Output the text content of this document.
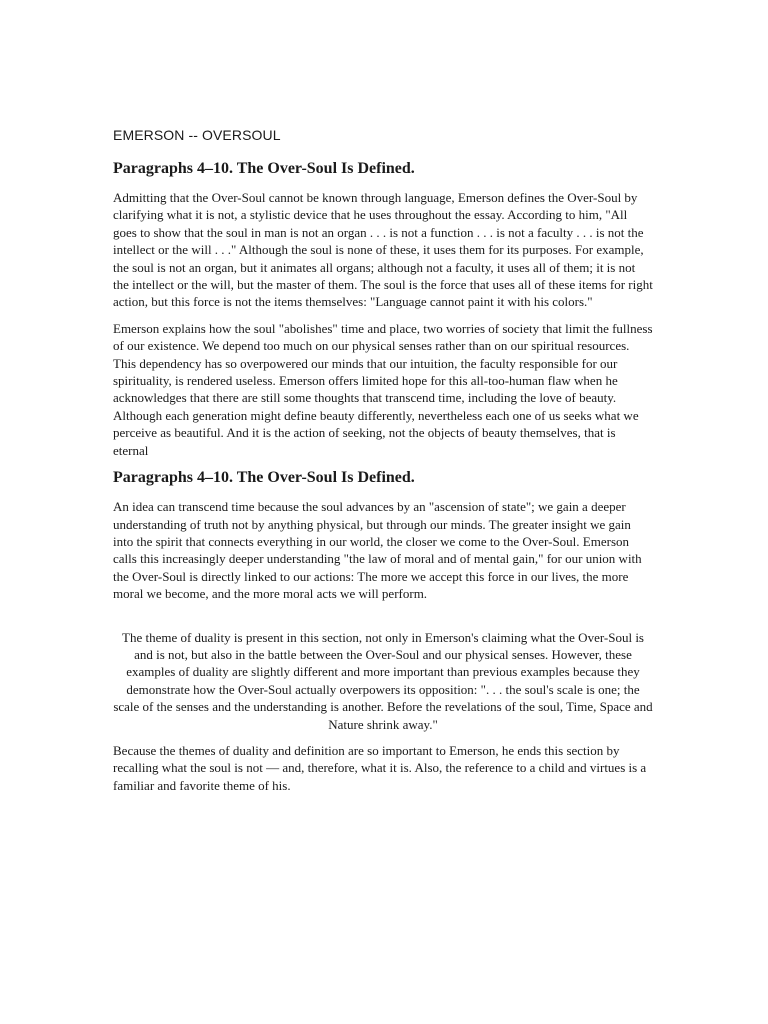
EMERSON -- OVERSOUL
Paragraphs 4–10. The Over-Soul Is Defined.

Admitting that the Over-Soul cannot be known through language, Emerson defines the Over-Soul by clarifying what it is not, a stylistic device that he uses throughout the essay. According to him, "All goes to show that the soul in man is not an organ . . . is not a function . . . is not a faculty . . . is not the intellect or the will . . ." Although the soul is none of these, it uses them for its purposes. For example, the soul is not an organ, but it animates all organs; although not a faculty, it uses all of them; it is not the intellect or the will, but the master of them. The soul is the force that uses all of these items for right action, but this force is not the items themselves: "Language cannot paint it with his colors."

Emerson explains how the soul "abolishes" time and place, two worries of society that limit the fullness of our existence. We depend too much on our physical senses rather than on our spiritual resources. This dependency has so overpowered our minds that our intuition, the faculty responsible for our spirituality, is rendered useless. Emerson offers limited hope for this all-too-human flaw when he acknowledges that there are still some thoughts that transcend time, including the love of beauty. Although each generation might define beauty differently, nevertheless each one of us seeks what we perceive as beautiful. And it is the action of seeking, not the objects of beauty themselves, that is eternal

Paragraphs 4–10. The Over-Soul Is Defined.

An idea can transcend time because the soul advances by an "ascension of state"; we gain a deeper understanding of truth not by anything physical, but through our minds. The greater insight we gain into the spirit that connects everything in our world, the closer we come to the Over-Soul. Emerson calls this increasingly deeper understanding "the law of moral and of mental gain," for our union with the Over-Soul is directly linked to our actions: The more we accept this force in our lives, the more moral we become, and the more moral acts we will perform.

The theme of duality is present in this section, not only in Emerson's claiming what the Over-Soul is and is not, but also in the battle between the Over-Soul and our physical senses. However, these examples of duality are slightly different and more important than previous examples because they demonstrate how the Over-Soul actually overpowers its opposition: ". . . the soul's scale is one; the scale of the senses and the understanding is another. Before the revelations of the soul, Time, Space and Nature shrink away."

Because the themes of duality and definition are so important to Emerson, he ends this section by recalling what the soul is not — and, therefore, what it is. Also, the reference to a child and virtues is a familiar and favorite theme of his.
